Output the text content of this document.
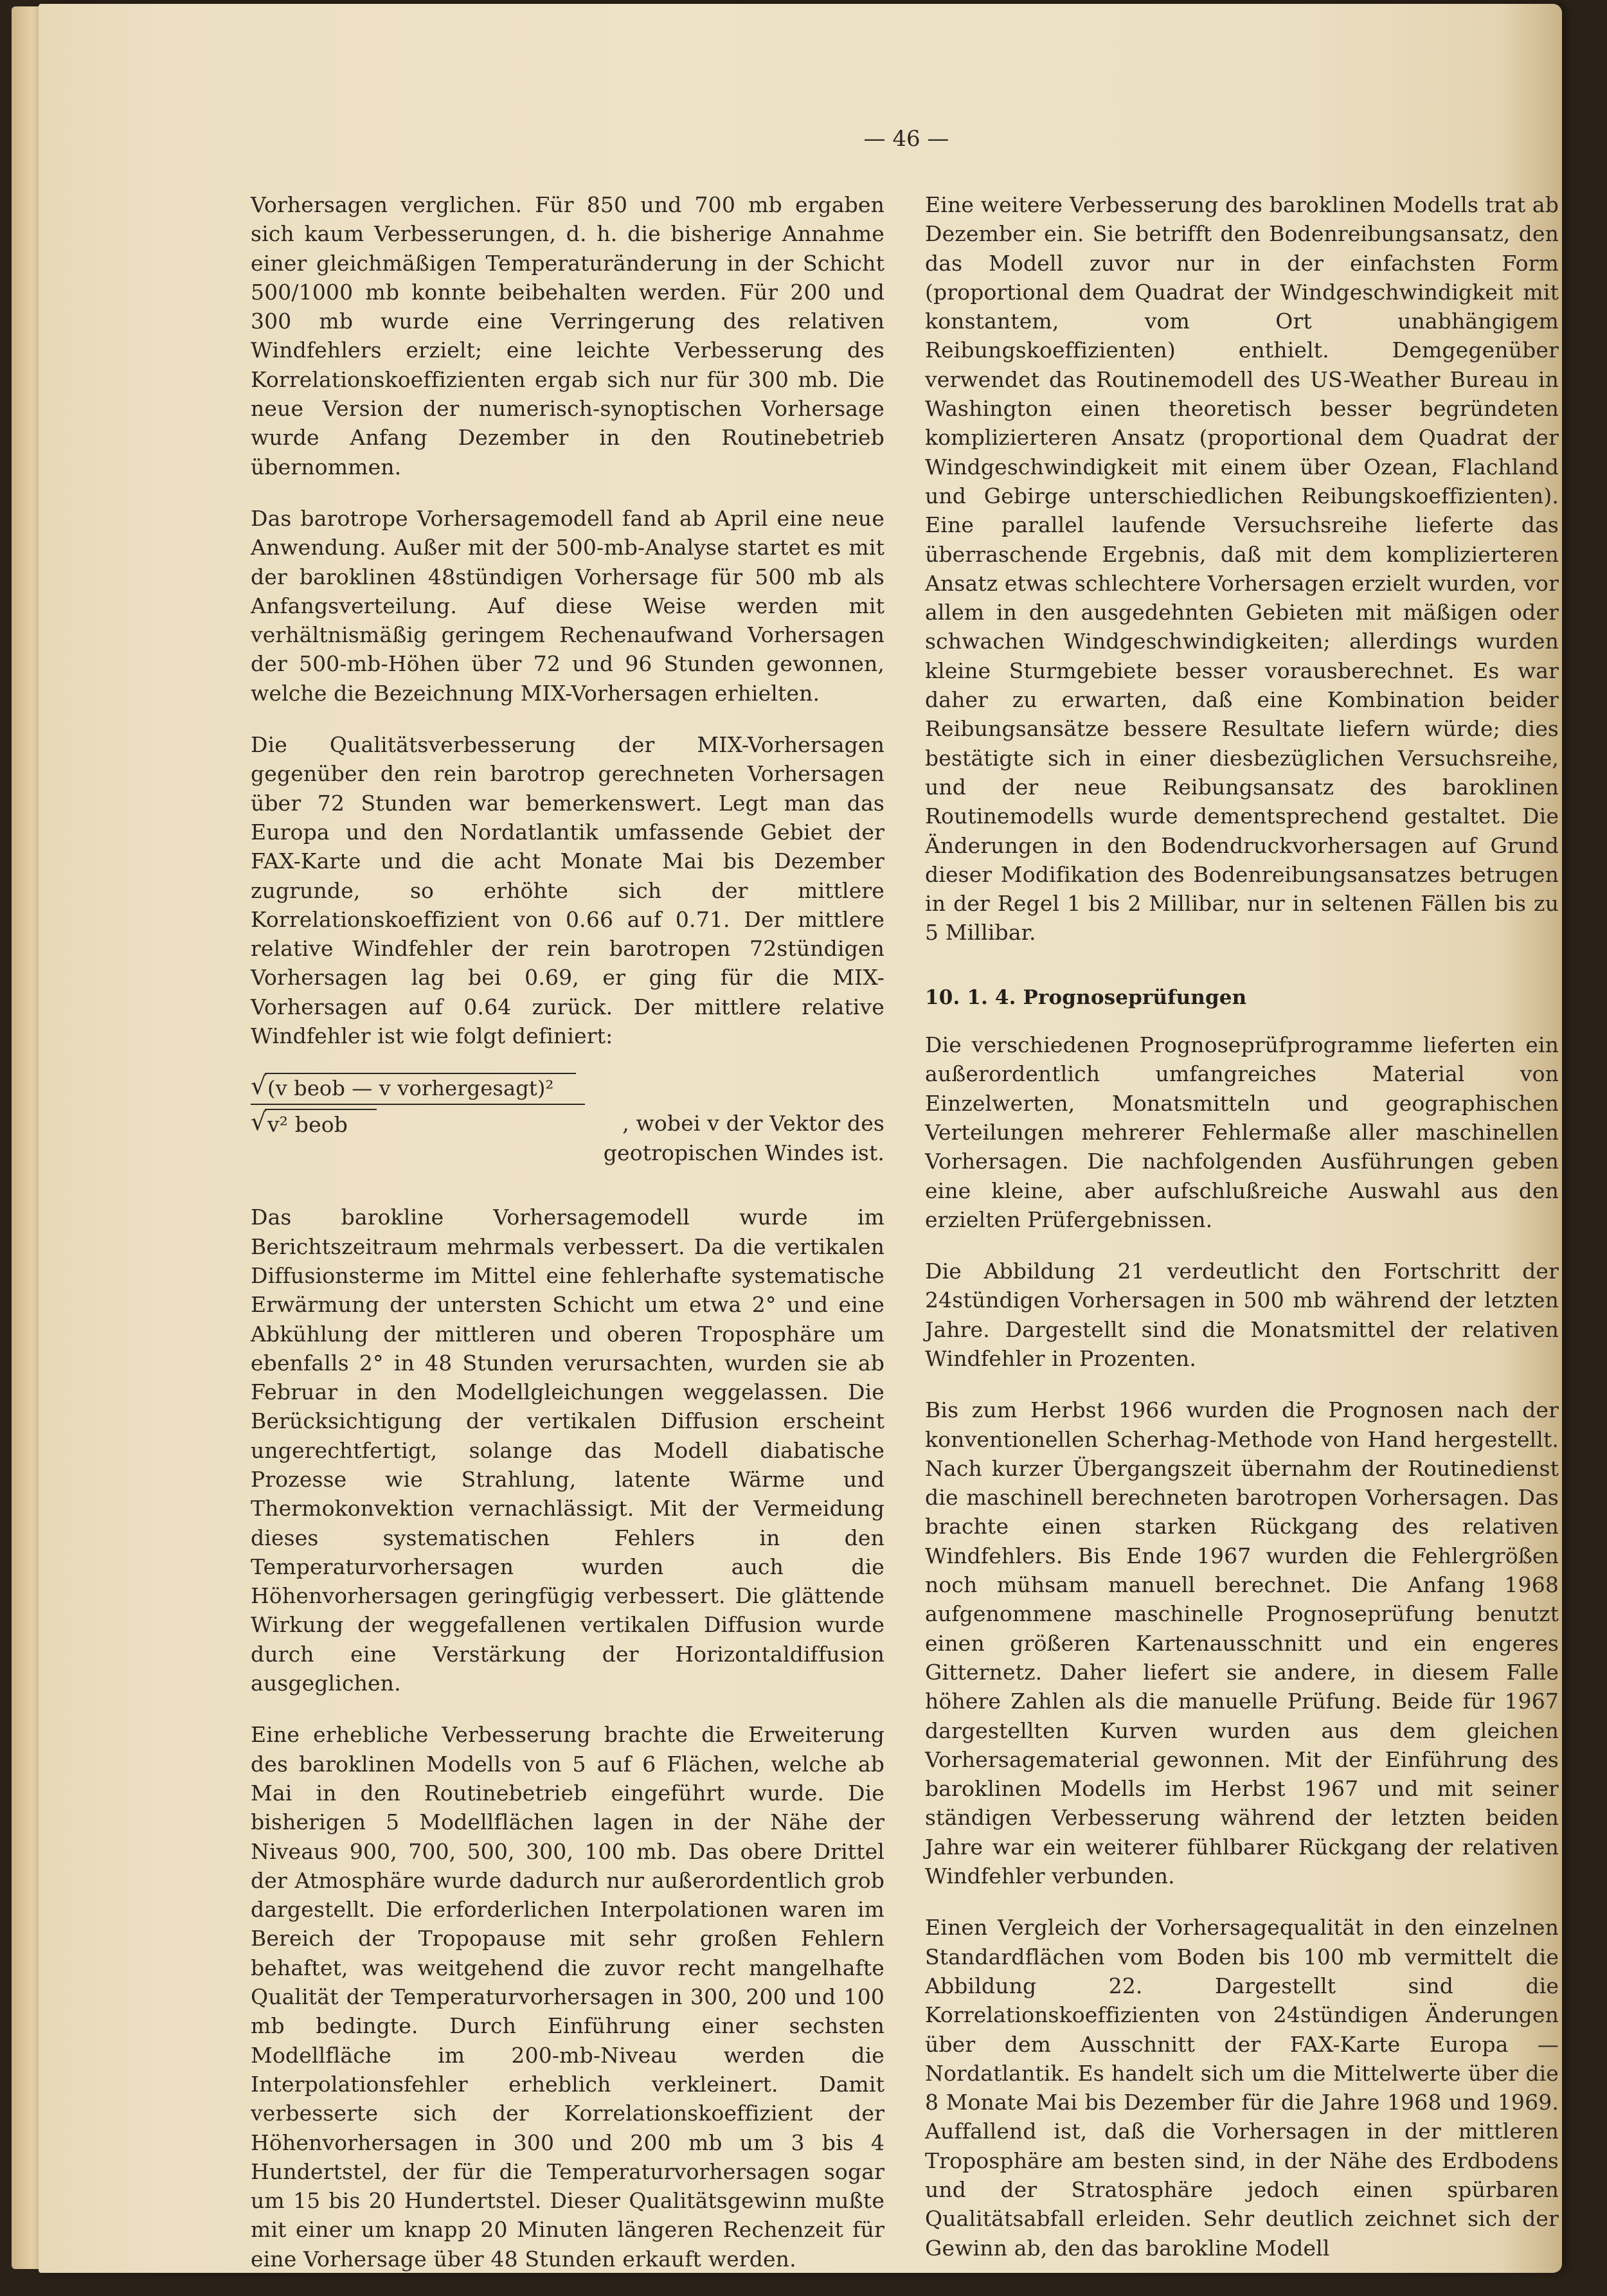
— 46 —

Vorhersagen verglichen. Für 850 und 700 mb ergaben sich kaum Verbesserungen, d. h. die bisherige Annahme einer gleichmäßigen Temperaturänderung in der Schicht 500/1000 mb konnte beibehalten werden. Für 200 und 300 mb wurde eine Verringerung des relativen Windfehlers erzielt; eine leichte Verbesserung des Korrelationskoeffizienten ergab sich nur für 300 mb. Die neue Version der numerisch-synoptischen Vorhersage wurde Anfang Dezember in den Routinebetrieb übernommen.

Das barotrope Vorhersagemodell fand ab April eine neue Anwendung. Außer mit der 500-mb-Analyse startet es mit der baroklinen 48stündigen Vorhersage für 500 mb als Anfangsverteilung. Auf diese Weise werden mit verhältnismäßig geringem Rechenaufwand Vorhersagen der 500-mb-Höhen über 72 und 96 Stunden gewonnen, welche die Bezeichnung MIX-Vorhersagen erhielten.

Die Qualitätsverbesserung der MIX-Vorhersagen gegenüber den rein barotrop gerechneten Vorhersagen über 72 Stunden war bemerkenswert. Legt man das Europa und den Nordatlantik umfassende Gebiet der FAX-Karte und die acht Monate Mai bis Dezember zugrunde, so erhöhte sich der mittlere Korrelationskoeffizient von 0.66 auf 0.71. Der mittlere relative Windfehler der rein barotropen 72stündigen Vorhersagen lag bei 0.69, er ging für die MIX-Vorhersagen auf 0.64 zurück. Der mittlere relative Windfehler ist wie folgt definiert:

√ (v beob — v vorhergesagt)²
√ v² beob	, wobei v der Vektor des geotropischen Windes ist.

Das barokline Vorhersagemodell wurde im Berichtszeitraum mehrmals verbessert. Da die vertikalen Diffusionsterme im Mittel eine fehlerhafte systematische Erwärmung der untersten Schicht um etwa 2° und eine Abkühlung der mittleren und oberen Troposphäre um ebenfalls 2° in 48 Stunden verursachten, wurden sie ab Februar in den Modellgleichungen weggelassen. Die Berücksichtigung der vertikalen Diffusion erscheint ungerechtfertigt, solange das Modell diabatische Prozesse wie Strahlung, latente Wärme und Thermokonvektion vernachlässigt. Mit der Vermeidung dieses systematischen Fehlers in den Temperaturvorhersagen wurden auch die Höhenvorhersagen geringfügig verbessert. Die glättende Wirkung der weggefallenen vertikalen Diffusion wurde durch eine Verstärkung der Horizontaldiffusion ausgeglichen.

Eine erhebliche Verbesserung brachte die Erweiterung des baroklinen Modells von 5 auf 6 Flächen, welche ab Mai in den Routinebetrieb eingeführt wurde. Die bisherigen 5 Modellflächen lagen in der Nähe der Niveaus 900, 700, 500, 300, 100 mb. Das obere Drittel der Atmosphäre wurde dadurch nur außerordentlich grob dargestellt. Die erforderlichen Interpolationen waren im Bereich der Tropopause mit sehr großen Fehlern behaftet, was weitgehend die zuvor recht mangelhafte Qualität der Temperaturvorhersagen in 300, 200 und 100 mb bedingte. Durch Einführung einer sechsten Modellfläche im 200-mb-Niveau werden die Interpolationsfehler erheblich verkleinert. Damit verbesserte sich der Korrelationskoeffizient der Höhenvorhersagen in 300 und 200 mb um 3 bis 4 Hundertstel, der für die Temperaturvorhersagen sogar um 15 bis 20 Hundertstel. Dieser Qualitätsgewinn mußte mit einer um knapp 20 Minuten längeren Rechenzeit für eine Vorhersage über 48 Stunden erkauft werden.

Eine weitere Verbesserung des baroklinen Modells trat ab Dezember ein. Sie betrifft den Bodenreibungsansatz, den das Modell zuvor nur in der einfachsten Form (proportional dem Quadrat der Windgeschwindigkeit mit konstantem, vom Ort unabhängigem Reibungskoeffizienten) enthielt. Demgegenüber verwendet das Routinemodell des US-Weather Bureau in Washington einen theoretisch besser begründeten komplizierteren Ansatz (proportional dem Quadrat der Windgeschwindigkeit mit einem über Ozean, Flachland und Gebirge unterschiedlichen Reibungskoeffizienten). Eine parallel laufende Versuchsreihe lieferte das überraschende Ergebnis, daß mit dem komplizierteren Ansatz etwas schlechtere Vorhersagen erzielt wurden, vor allem in den ausgedehnten Gebieten mit mäßigen oder schwachen Windgeschwindigkeiten; allerdings wurden kleine Sturmgebiete besser vorausberechnet. Es war daher zu erwarten, daß eine Kombination beider Reibungsansätze bessere Resultate liefern würde; dies bestätigte sich in einer diesbezüglichen Versuchsreihe, und der neue Reibungsansatz des baroklinen Routinemodells wurde dementsprechend gestaltet. Die Änderungen in den Bodendruckvorhersagen auf Grund dieser Modifikation des Bodenreibungsansatzes betrugen in der Regel 1 bis 2 Millibar, nur in seltenen Fällen bis zu 5 Millibar.

10. 1. 4. Prognoseprüfungen

Die verschiedenen Prognoseprüfprogramme lieferten ein außerordentlich umfangreiches Material von Einzelwerten, Monatsmitteln und geographischen Verteilungen mehrerer Fehlermaße aller maschinellen Vorhersagen. Die nachfolgenden Ausführungen geben eine kleine, aber aufschlußreiche Auswahl aus den erzielten Prüfergebnissen.

Die Abbildung 21 verdeutlicht den Fortschritt der 24stündigen Vorhersagen in 500 mb während der letzten Jahre. Dargestellt sind die Monatsmittel der relativen Windfehler in Prozenten.

Bis zum Herbst 1966 wurden die Prognosen nach der konventionellen Scherhag-Methode von Hand hergestellt. Nach kurzer Übergangszeit übernahm der Routinedienst die maschinell berechneten barotropen Vorhersagen. Das brachte einen starken Rückgang des relativen Windfehlers. Bis Ende 1967 wurden die Fehlergrößen noch mühsam manuell berechnet. Die Anfang 1968 aufgenommene maschinelle Prognoseprüfung benutzt einen größeren Kartenausschnitt und ein engeres Gitternetz. Daher liefert sie andere, in diesem Falle höhere Zahlen als die manuelle Prüfung. Beide für 1967 dargestellten Kurven wurden aus dem gleichen Vorhersagematerial gewonnen. Mit der Einführung des baroklinen Modells im Herbst 1967 und mit seiner ständigen Verbesserung während der letzten beiden Jahre war ein weiterer fühlbarer Rückgang der relativen Windfehler verbunden.

Einen Vergleich der Vorhersagequalität in den einzelnen Standardflächen vom Boden bis 100 mb vermittelt die Abbildung 22. Dargestellt sind die Korrelationskoeffizienten von 24stündigen Änderungen über dem Ausschnitt der FAX-Karte Europa — Nordatlantik. Es handelt sich um die Mittelwerte über die 8 Monate Mai bis Dezember für die Jahre 1968 und 1969. Auffallend ist, daß die Vorhersagen in der mittleren Troposphäre am besten sind, in der Nähe des Erdbodens und der Stratosphäre jedoch einen spürbaren Qualitätsabfall erleiden. Sehr deutlich zeichnet sich der Gewinn ab, den das barokline Modell
